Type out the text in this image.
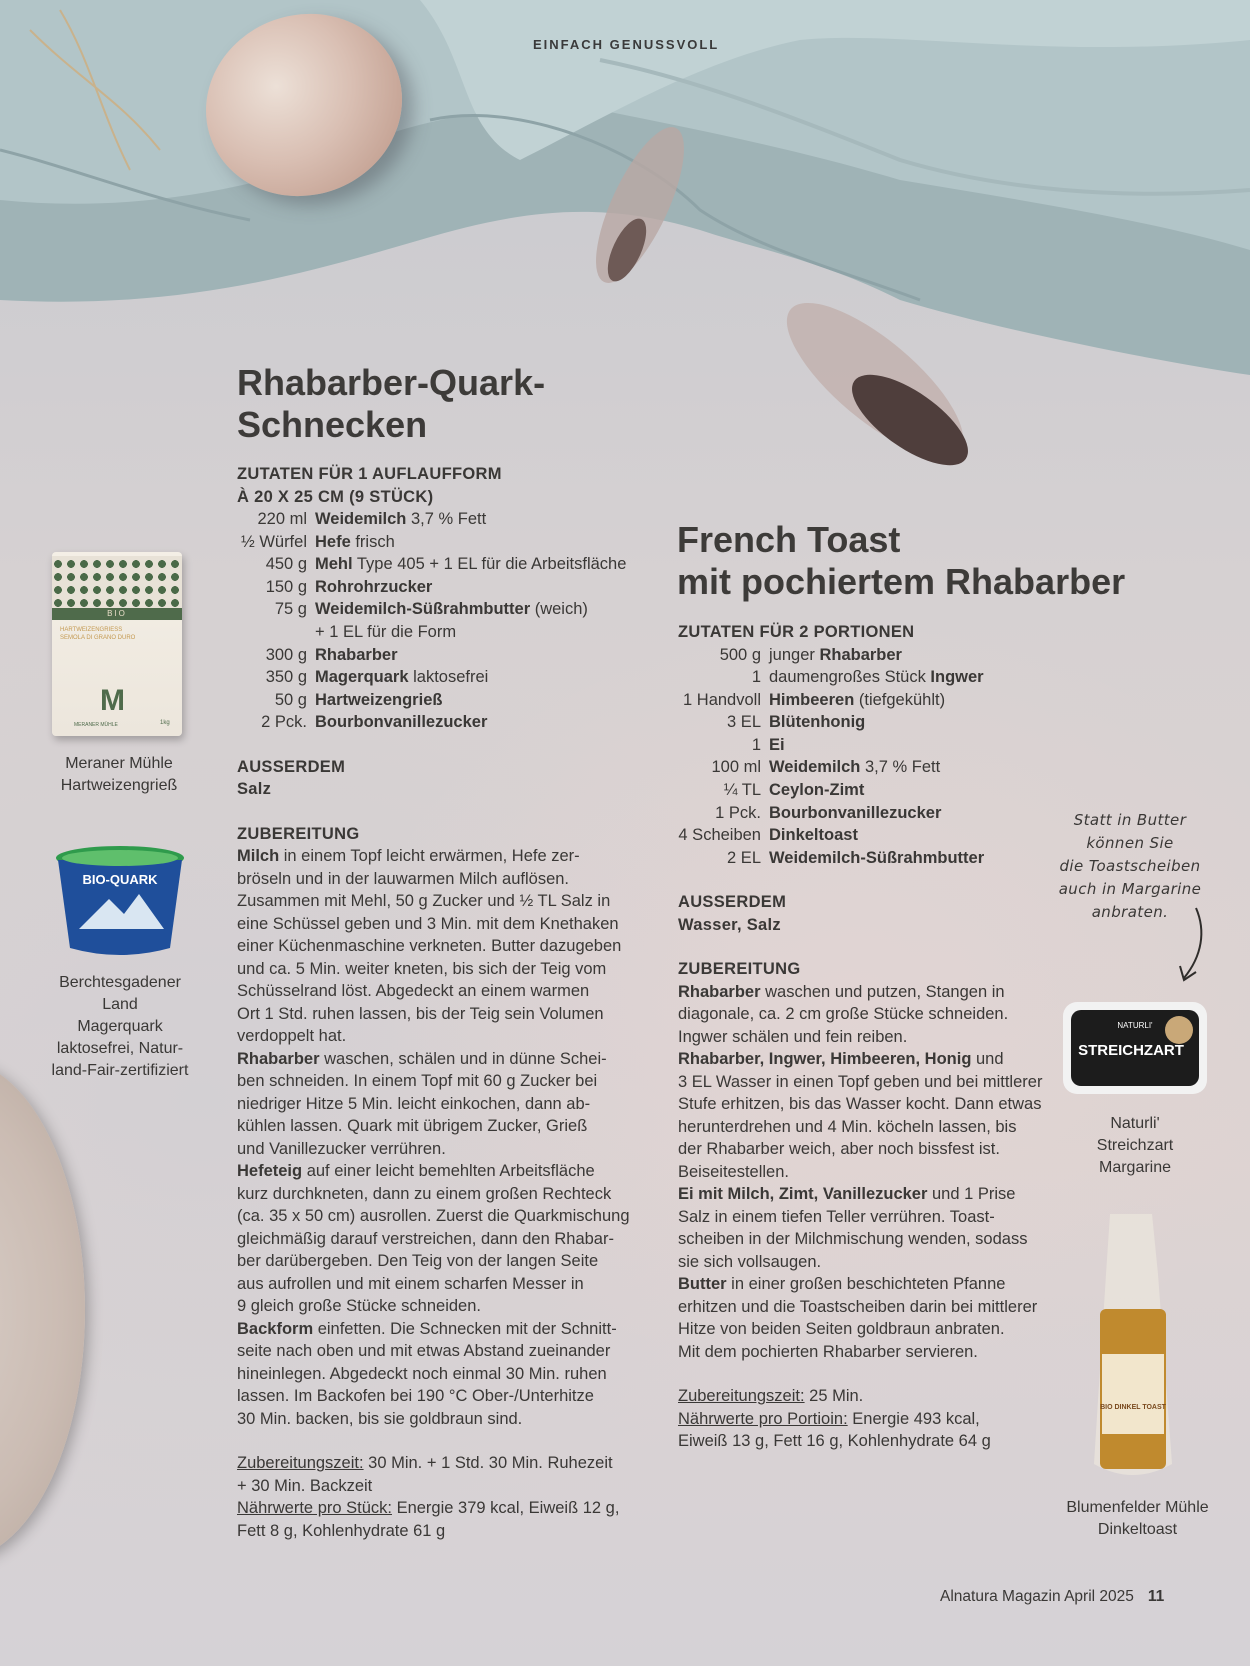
EINFACH GENUSSVOLL
Rhabarber-Quark-
Schnecken
ZUTATEN FÜR 1 AUFLAUFFORM
À 20 X 25 CM (9 STÜCK)
220 ml Weidemilch 3,7 % Fett
½ Würfel Hefe frisch
450 g Mehl Type 405 + 1 EL für die Arbeitsfläche
150 g Rohrohrzucker
75 g Weidemilch-Süßrahmbutter (weich)
+ 1 EL für die Form
300 g Rhabarber
350 g Magerquark laktosefrei
50 g Hartweizengrieß
2 Pck. Bourbonvanillezucker
AUSSERDEM
Salz
ZUBEREITUNG

Milch in einem Topf leicht erwärmen, Hefe zer-

bröseln und in der lauwarmen Milch auflösen.

Zusammen mit Mehl, 50 g Zucker und ½ TL Salz in

eine Schüssel geben und 3 Min. mit dem Knethaken

einer Küchenmaschine verkneten. Butter dazugeben

und ca. 5 Min. weiter kneten, bis sich der Teig vom

Schüsselrand löst. Abgedeckt an einem warmen

Ort 1 Std. ruhen lassen, bis der Teig sein Volumen

verdoppelt hat.

Rhabarber waschen, schälen und in dünne Schei-

ben schneiden. In einem Topf mit 60 g Zucker bei

niedriger Hitze 5 Min. leicht einkochen, dann ab-

kühlen lassen. Quark mit übrigem Zucker, Grieß

und Vanillezucker verrühren.

Hefeteig auf einer leicht bemehlten Arbeitsfläche

kurz durchkneten, dann zu einem großen Rechteck

(ca. 35 x 50 cm) ausrollen. Zuerst die Quarkmischung

gleichmäßig darauf verstreichen, dann den Rhabar-

ber darübergeben. Den Teig von der langen Seite

aus aufrollen und mit einem scharfen Messer in

9 gleich große Stücke schneiden.

Backform einfetten. Die Schnecken mit der Schnitt-

seite nach oben und mit etwas Abstand zueinander

hineinlegen. Abgedeckt noch einmal 30 Min. ruhen

lassen. Im Backofen bei 190 °C Ober-/Unterhitze

30 Min. backen, bis sie goldbraun sind.

Zubereitungszeit: 30 Min. + 1 Std. 30 Min. Ruhezeit

+ 30 Min. Backzeit

Nährwerte pro Stück: Energie 379 kcal, Eiweiß 12 g,

Fett 8 g, Kohlenhydrate 61 g

French Toast
mit pochiertem Rhabarber
ZUTATEN FÜR 2 PORTIONEN
500 g junger Rhabarber
1 daumengroßes Stück Ingwer
1 Handvoll Himbeeren (tiefgekühlt)
3 EL Blütenhonig
1 Ei
100 ml Weidemilch 3,7 % Fett
¼ TL Ceylon-Zimt
1 Pck. Bourbonvanillezucker
4 Scheiben Dinkeltoast
2 EL Weidemilch-Süßrahmbutter
AUSSERDEM
Wasser, Salz
ZUBEREITUNG

Rhabarber waschen und putzen, Stangen in

diagonale, ca. 2 cm große Stücke schneiden.

Ingwer schälen und fein reiben.

Rhabarber, Ingwer, Himbeeren, Honig und

3 EL Wasser in einen Topf geben und bei mittlerer

Stufe erhitzen, bis das Wasser kocht. Dann etwas

herunterdrehen und 4 Min. köcheln lassen, bis

der Rhabarber weich, aber noch bissfest ist.

Beiseitestellen.

Ei mit Milch, Zimt, Vanillezucker und 1 Prise

Salz in einem tiefen Teller verrühren. Toast-

scheiben in der Milchmischung wenden, sodass

sie sich vollsaugen.

Butter in einer großen beschichteten Pfanne

erhitzen und die Toastscheiben darin bei mittlerer

Hitze von beiden Seiten goldbraun anbraten.

Mit dem pochierten Rhabarber servieren.

Zubereitungszeit: 25 Min.

Nährwerte pro Portioin: Energie 493 kcal,

Eiweiß 13 g, Fett 16 g, Kohlenhydrate 64 g

BIO
HARTWEIZENGRIESS
SEMOLA DI GRANO DURO
M
MERANER MÜHLE	1kg
Meraner Mühle
Hartweizengrieß
BIO-QUARK
Berchtesgadener
Land
Magerquark
laktosefrei, Natur-
land-Fair-zertifiziert
NATURLI'
STREICHZART
Naturli'
Streichzart
Margarine
BIO DINKEL TOAST
Blumenfelder Mühle
Dinkeltoast
Statt in Butter
können Sie
die Toastscheiben
auch in Margarine
anbraten.
Alnatura Magazin April 2025 11
